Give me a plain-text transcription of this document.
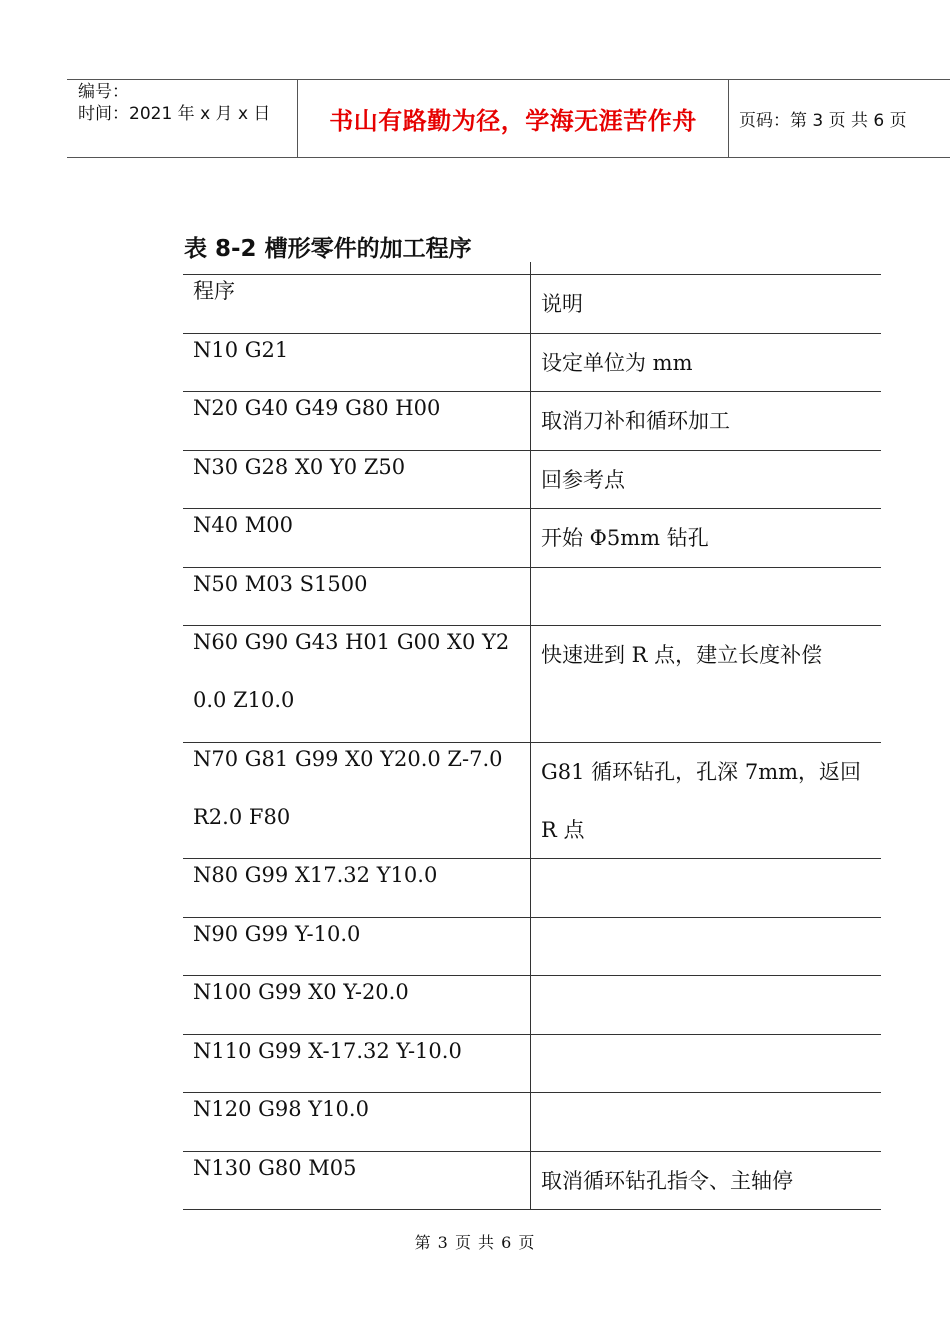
编号：
时间：2021 年 x 月 x 日	书山有路勤为径，学海无涯苦作舟	页码：第 3 页 共 6 页
表 8-2 槽形零件的加工程序
程序
说明
N10 G21
设定单位为 mm
N20 G40 G49 G80 H00
取消刀补和循环加工
N30 G28 X0 Y0 Z50
回参考点
N40 M00
开始 Φ5mm 钻孔
N50 M03 S1500
N60 G90 G43 H01 G00 X0 Y20.0 Z10.0
快速进到 R 点，建立长度补偿
N70 G81 G99 X0 Y20.0 Z-7.0 R2.0 F80
G81 循环钻孔，孔深 7mm，返回 R 点
N80 G99 X17.32 Y10.0
N90 G99 Y-10.0
N100 G99 X0 Y-20.0
N110 G99 X-17.32 Y-10.0
N120 G98 Y10.0
N130 G80 M05
取消循环钻孔指令、主轴停
第 3 页 共 6 页
